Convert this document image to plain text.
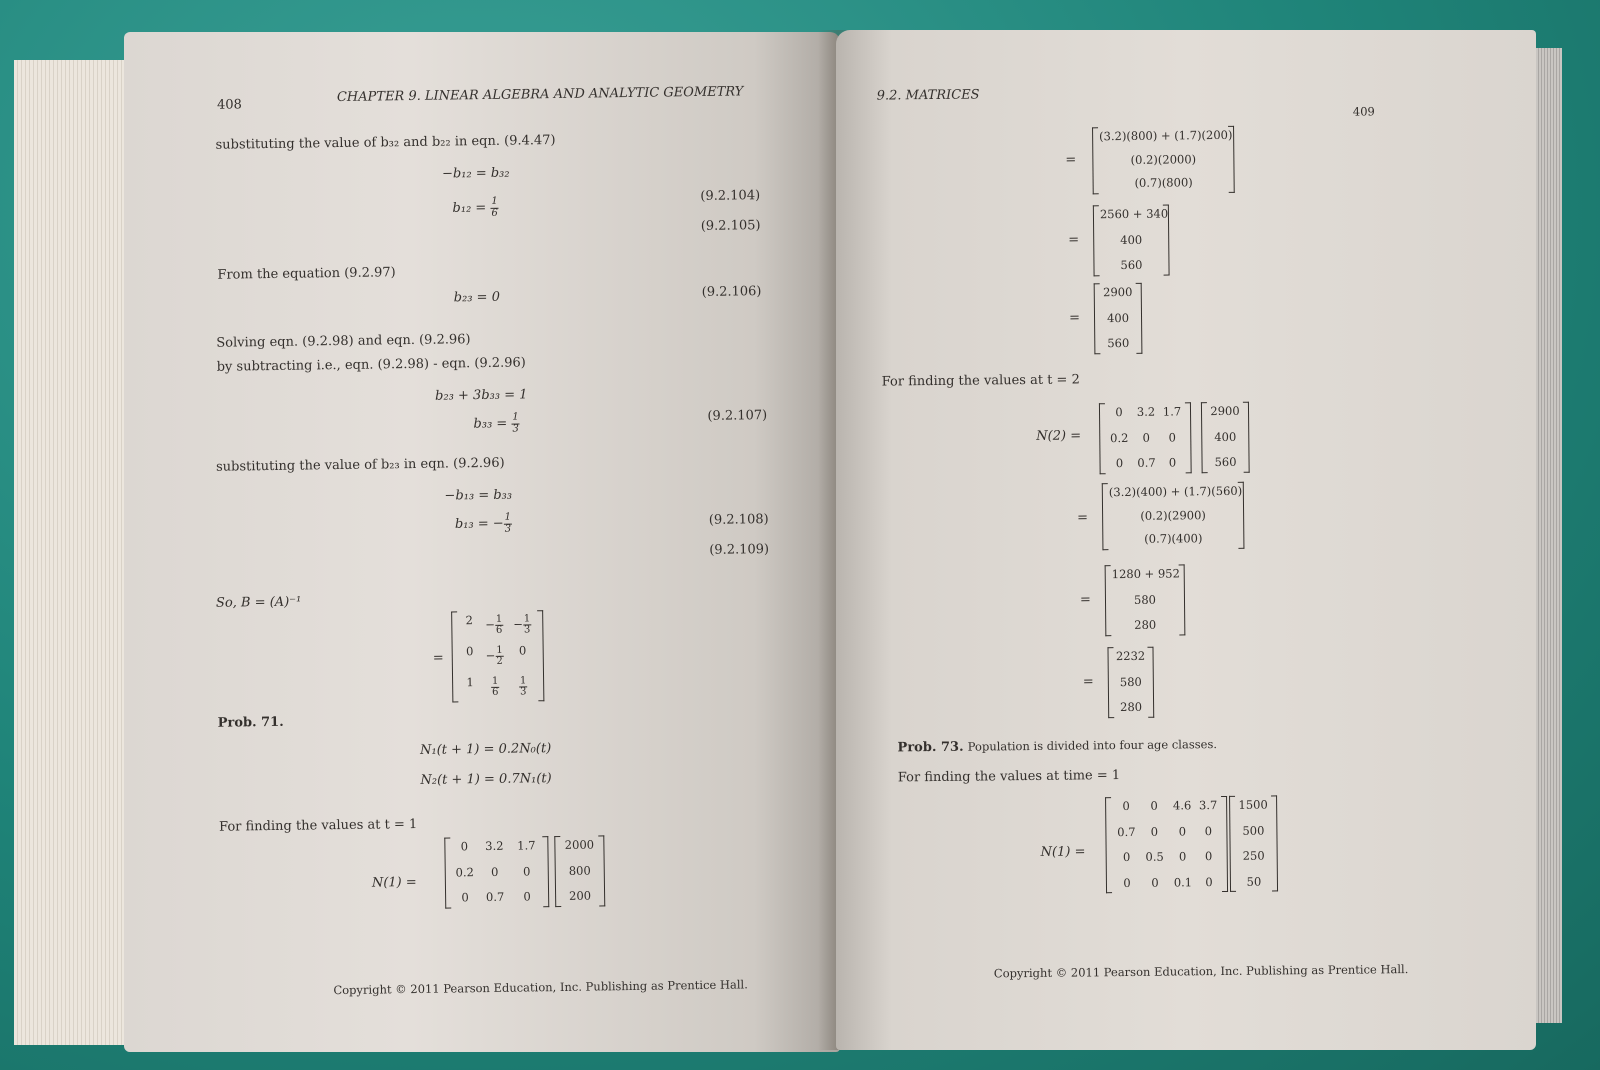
408
CHAPTER 9. LINEAR ALGEBRA AND ANALYTIC GEOMETRY
substituting the value of b₃₂ and b₂₂ in eqn. (9.4.47)
−b₁₂ = b₃₂
$b_{12} = \frac{1}{6}$
(9.2.104)
(9.2.105)
From the equation (9.2.97)
b₂₃ = 0	(9.2.106)
Solving eqn. (9.2.98) and eqn. (9.2.96)
by subtracting i.e., eqn. (9.2.98) - eqn. (9.2.96)
b₂₃ + 3b₃₃ = 1
$b_{33} = \frac{1}{3}$	(9.2.107)
substituting the value of b₂₃ in eqn. (9.2.96)
−b₁₃ = b₃₃
b₁₃ = − $\frac{1}{3}$	(9.2.108)
(9.2.109)
So, B = (A)⁻¹
=
2	− $\frac{1}{6} - \frac{1}{3}$
0	− $\frac{1}{2}$	0
1	$\frac{1}{6} \frac{1}{3}$
Prob. 71.
N₁(t + 1) = 0.2N₀(t)
N₂(t + 1) = 0.7N₁(t)
For finding the values at t = 1
N(1) =
0	3.2	1.7
0.2	0	0
0	0.7	0
2000
800
200
Copyright © 2011 Pearson Education, Inc. Publishing as Prentice Hall.
9.2. MATRICES
409
=
(3.2)(800) + (1.7)(200)
(0.2)(2000)
(0.7)(800)
=
2560 + 340
400
560
=
2900
400
560
For finding the values at t = 2
N(2) =
0	3.2 1.7
0.2	0	0
0	0.7	0
2900
400
560
=
(3.2)(400) + (1.7)(560)
(0.2)(2900)
(0.7)(400)
=
1280 + 952
580
280
=
2232
580
280
Prob. 73. Population is divided into four age classes.
For finding the values at time = 1
N(1) =
0	0	4.6 3.7
0.7	0	0	0
0	0.5	0	0
0	0	0.1	0
1500
500
250
50
Copyright © 2011 Pearson Education, Inc. Publishing as Prentice Hall.
